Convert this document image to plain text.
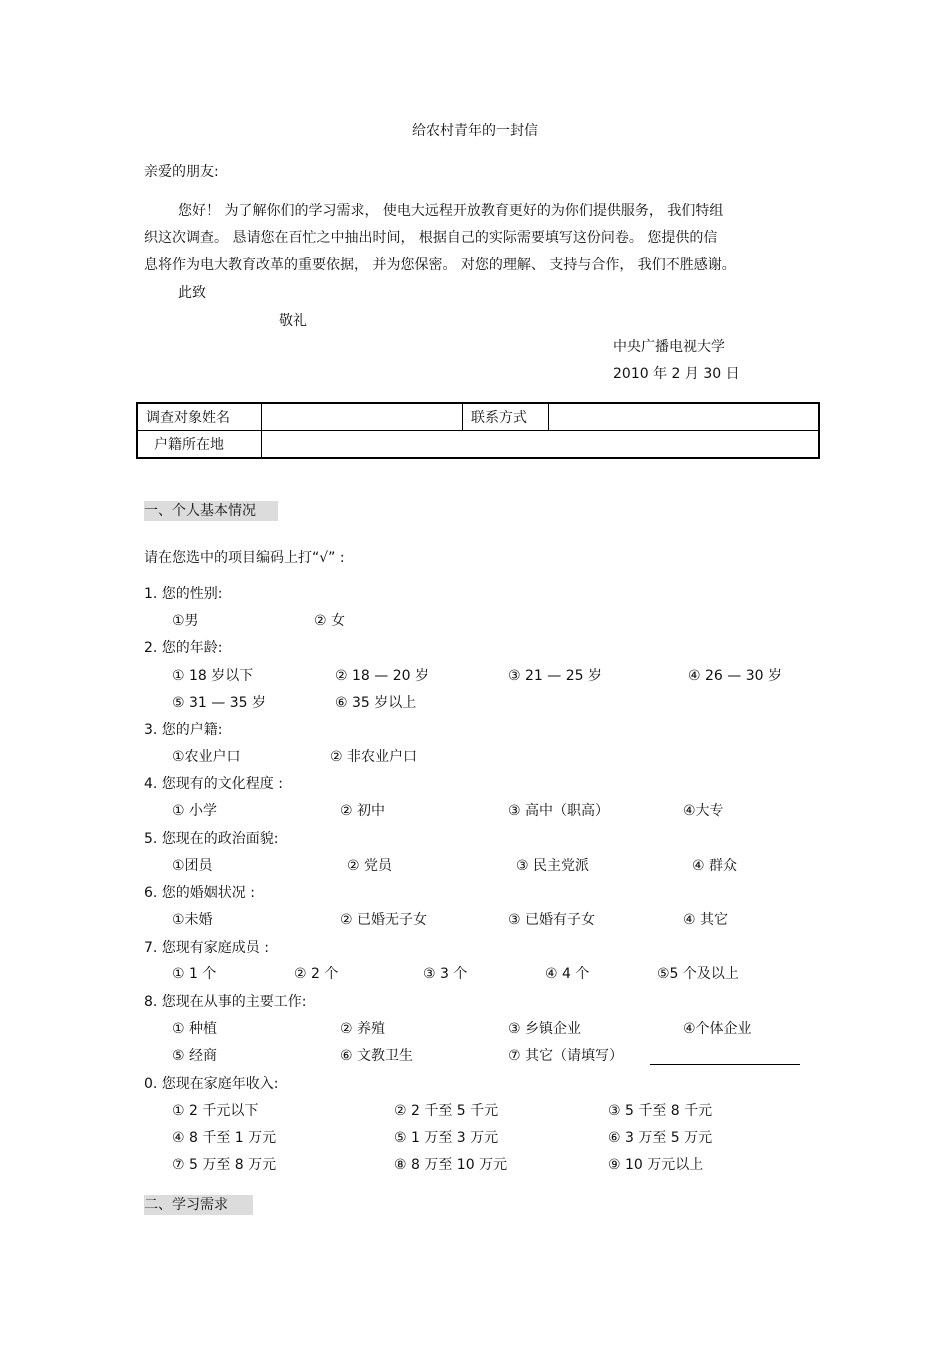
给农村青年的一封信
亲爱的朋友:
您好！ 为了解你们的学习需求， 使电大远程开放教育更好的为你们提供服务， 我们特组
织这次调查。 恳请您在百忙之中抽出时间， 根据自己的实际需要填写这份问卷。 您提供的信
息将作为电大教育改革的重要依据， 并为您保密。 对您的理解、 支持与合作， 我们不胜感谢。
此致
敬礼
中央广播电视大学
2010 年 2 月 30 日
调查对象姓名		联系方式	
户籍所在地			
一、个人基本情况
请在您选中的项目编码上打“√” :
1. 您的性别:
①男	② 女
2. 您的年龄:
① 18 岁以下	② 18 — 20 岁	③ 21 — 25 岁	④ 26 — 30 岁
⑤ 31 — 35 岁	⑥ 35 岁以上
3. 您的户籍:
①农业户口	② 非农业户口
4. 您现有的文化程度 :
① 小学	② 初中	③ 高中（职高）	④大专
5. 您现在的政治面貌:
①团员	② 党员	③ 民主党派	④ 群众
6. 您的婚姻状况 :
①未婚	② 已婚无子女	③ 已婚有子女	④ 其它
7. 您现有家庭成员 :
① 1 个	② 2 个	③ 3 个	④ 4 个	⑤5 个及以上
8. 您现在从事的主要工作:
① 种植	② 养殖	③ 乡镇企业	④个体企业
⑤ 经商	⑥ 文教卫生	⑦ 其它（请填写）
0. 您现在家庭年收入:
① 2 千元以下	② 2 千至 5 千元	③ 5 千至 8 千元
④ 8 千至 1 万元	⑤ 1 万至 3 万元	⑥ 3 万至 5 万元
⑦ 5 万至 8 万元	⑧ 8 万至 10 万元	⑨ 10 万元以上
二、学习需求
